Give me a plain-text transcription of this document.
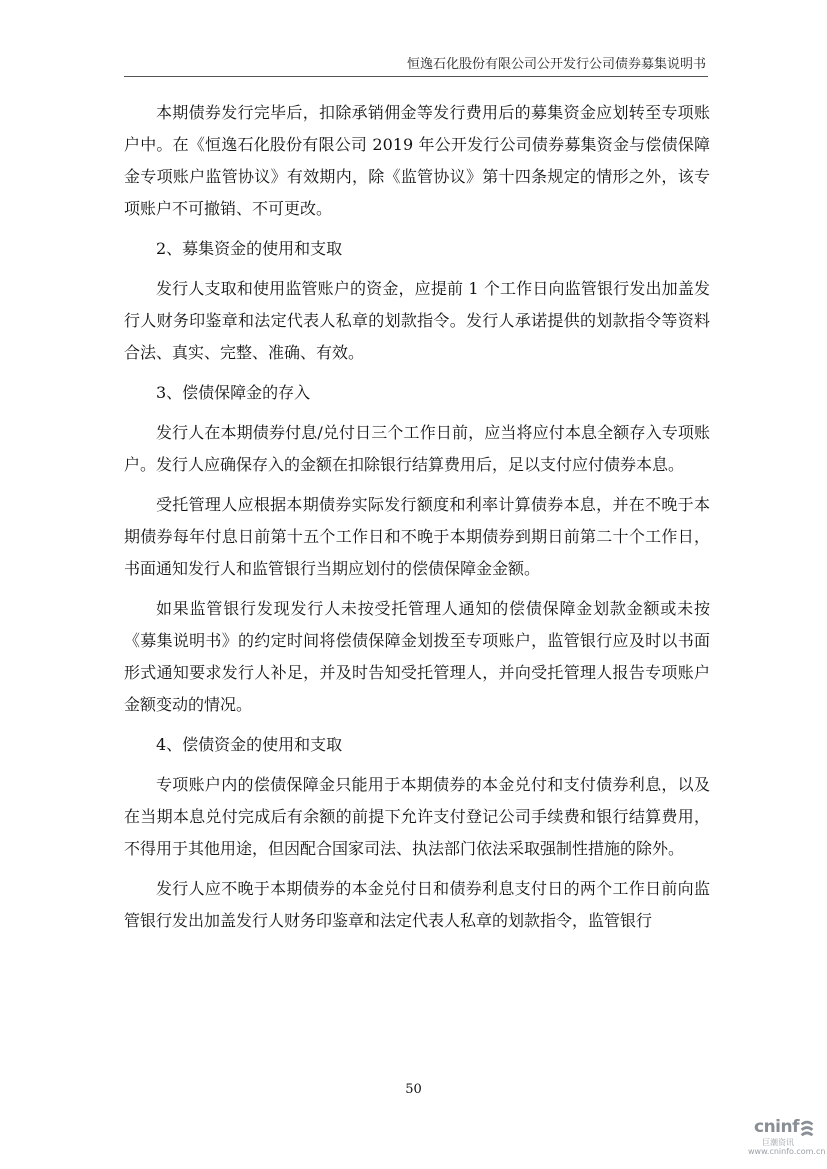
恒逸石化股份有限公司公开发行公司债券募集说明书

本期债券发行完毕后，扣除承销佣金等发行费用后的募集资金应划转至专项账户中。在《恒逸石化股份有限公司 2019 年公开发行公司债券募集资金与偿债保障金专项账户监管协议》有效期内，除《监管协议》第十四条规定的情形之外，该专项账户不可撤销、不可更改。

2、募集资金的使用和支取

发行人支取和使用监管账户的资金，应提前 1 个工作日向监管银行发出加盖发行人财务印鉴章和法定代表人私章的划款指令。发行人承诺提供的划款指令等资料合法、真实、完整、准确、有效。

3、偿债保障金的存入

发行人在本期债券付息/兑付日三个工作日前，应当将应付本息全额存入专项账户。发行人应确保存入的金额在扣除银行结算费用后，足以支付应付债券本息。

受托管理人应根据本期债券实际发行额度和利率计算债券本息，并在不晚于本期债券每年付息日前第十五个工作日和不晚于本期债券到期日前第二十个工作日，书面通知发行人和监管银行当期应划付的偿债保障金金额。

如果监管银行发现发行人未按受托管理人通知的偿债保障金划款金额或未按《募集说明书》的约定时间将偿债保障金划拨至专项账户，监管银行应及时以书面形式通知要求发行人补足，并及时告知受托管理人，并向受托管理人报告专项账户金额变动的情况。

4、偿债资金的使用和支取

专项账户内的偿债保障金只能用于本期债券的本金兑付和支付债券利息，以及在当期本息兑付完成后有余额的前提下允许支付登记公司手续费和银行结算费用，不得用于其他用途，但因配合国家司法、执法部门依法采取强制性措施的除外。

发行人应不晚于本期债券的本金兑付日和债券利息支付日的两个工作日前向监管银行发出加盖发行人财务印鉴章和法定代表人私章的划款指令，监管银行

50
cninf
巨潮资讯
www.cninfo.com.cn
